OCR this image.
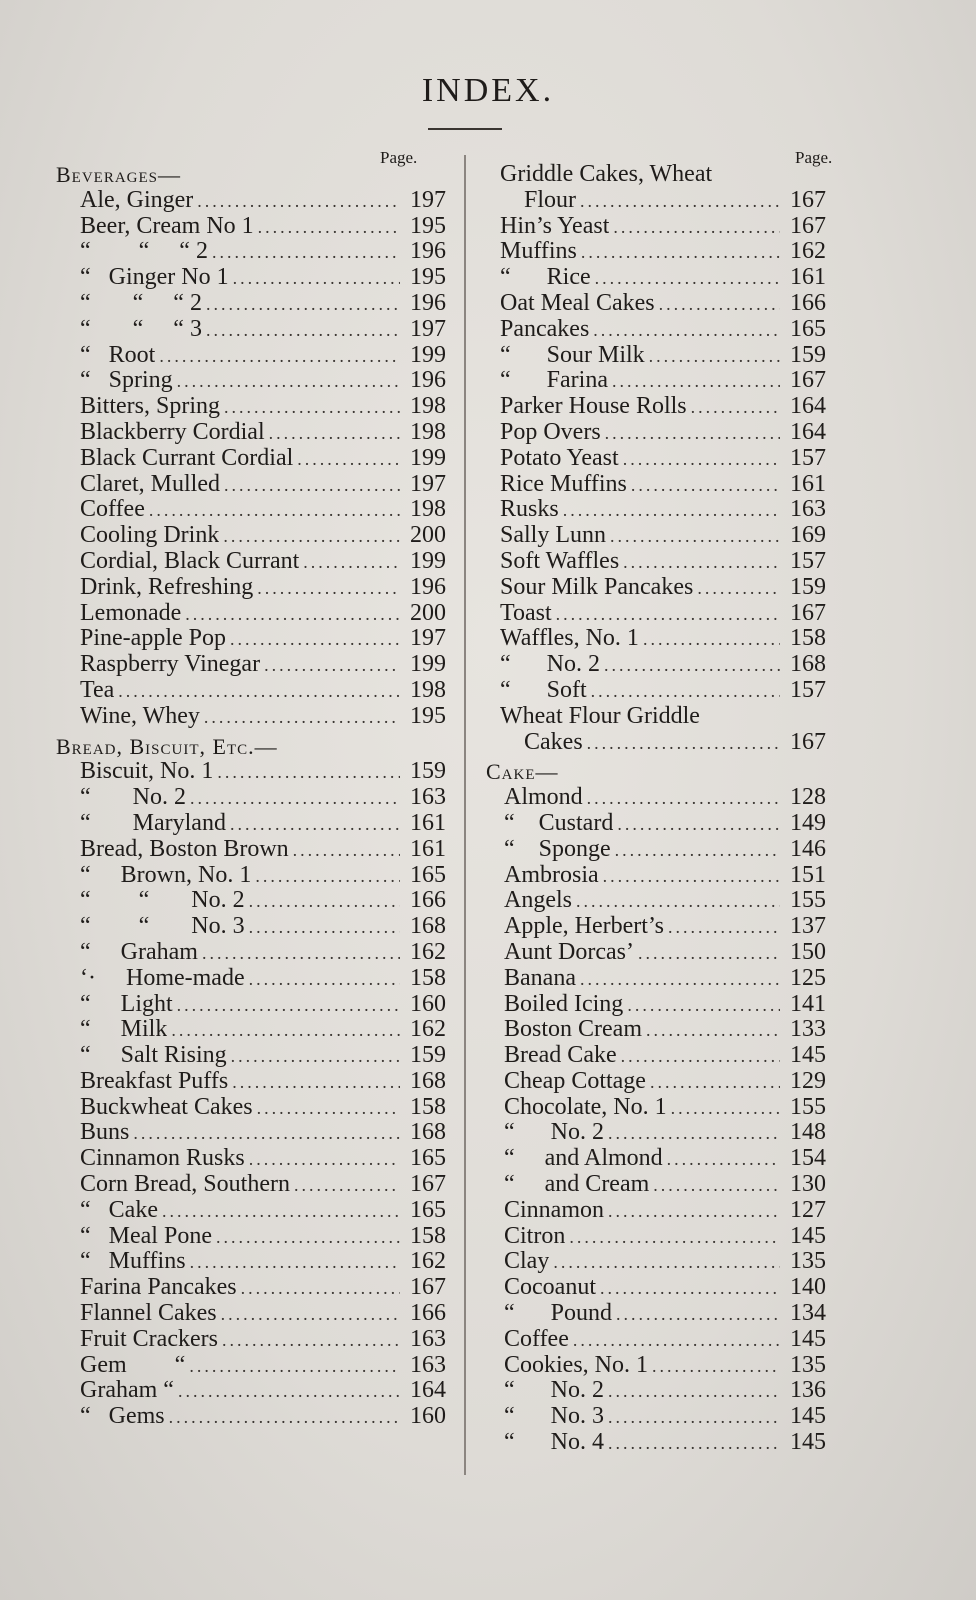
INDEX.
Page.	Page.
Beverages—
Ale, Ginger .....	197
Beer, Cream No 1 .....	195
“        “     “ 2 .....	196
“   Ginger No 1 .....	195
“       “     “ 2 .....	196
“       “     “ 3 .....	197
“   Root .....	199
“   Spring .....	196
Bitters, Spring .....	198
Blackberry Cordial .....	198
Black Currant Cordial .....	199
Claret, Mulled .....	197
Coffee .....	198
Cooling Drink .....	200
Cordial, Black Currant .....	199
Drink, Refreshing .....	196
Lemonade .....	200
Pine-apple Pop .....	197
Raspberry Vinegar .....	199
Tea .....	198
Wine, Whey .....	195
Bread, Biscuit, Etc.—
Biscuit, No. 1 .....	159
“       No. 2 .....	163
“       Maryland .....	161
Bread, Boston Brown .....	161
“     Brown, No. 1 .....	165
“        “       No. 2 .....	166
“        “       No. 3 .....	168
“     Graham .....	162
‘·     Home-made .....	158
“     Light .....	160
“     Milk .....	162
“     Salt Rising .....	159
Breakfast Puffs .....	168
Buckwheat Cakes .....	158
Buns .....	168
Cinnamon Rusks .....	165
Corn Bread, Southern .....	167
“   Cake .....	165
“   Meal Pone .....	158
“   Muffins .....	162
Farina Pancakes .....	167
Flannel Cakes .....	166
Fruit Crackers .....	163
Gem        “ .....	163
Graham “ .....	164
“   Gems .....	160
Griddle Cakes, Wheat
Flour .....	167
Hin’s Yeast .....	167
Muffins .....	162
“      Rice .....	161
Oat Meal Cakes .....	166
Pancakes .....	165
“      Sour Milk .....	159
“      Farina .....	167
Parker House Rolls .....	164
Pop Overs .....	164
Potato Yeast .....	157
Rice Muffins .....	161
Rusks .....	163
Sally Lunn .....	169
Soft Waffles .....	157
Sour Milk Pancakes .....	159
Toast .....	167
Waffles, No. 1 .....	158
“      No. 2 .....	168
“      Soft .....	157
Wheat Flour Griddle
Cakes .....	167
Cake—
Almond .....	128
“    Custard .....	149
“    Sponge .....	146
Ambrosia .....	151
Angels .....	155
Apple, Herbert’s .....	137
Aunt Dorcas’ .....	150
Banana .....	125
Boiled Icing .....	141
Boston Cream .....	133
Bread Cake .....	145
Cheap Cottage .....	129
Chocolate, No. 1 .....	155
“      No. 2 .....	148
“     and Almond .....	154
“     and Cream .....	130
Cinnamon .....	127
Citron .....	145
Clay .....	135
Cocoanut .....	140
“      Pound .....	134
Coffee .....	145
Cookies, No. 1 .....	135
“      No. 2 .....	136
“      No. 3 .....	145
“      No. 4 .....	145
